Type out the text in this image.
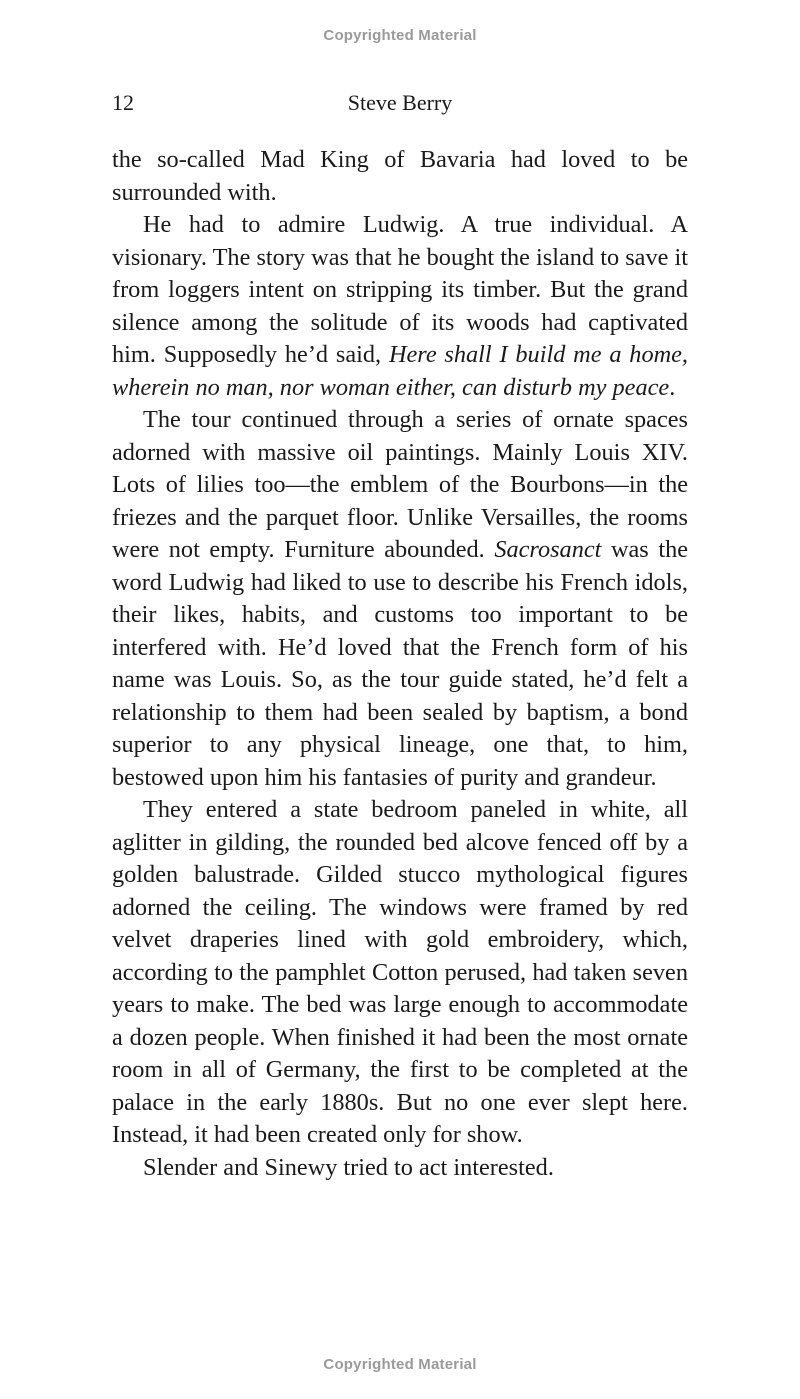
Copyrighted Material
12	Steve Berry

the so-called Mad King of Bavaria had loved to be surrounded with.

He had to admire Ludwig. A true individual. A visionary. The story was that he bought the island to save it from loggers intent on stripping its timber. But the grand silence among the solitude of its woods had captivated him. Supposedly he’d said, Here shall I build me a home, wherein no man, nor woman either, can disturb my peace.

The tour continued through a series of ornate spaces adorned with massive oil paintings. Mainly Louis XIV. Lots of lilies too—the emblem of the Bourbons—in the friezes and the parquet floor. Unlike Versailles, the rooms were not empty. Furniture abounded. Sacrosanct was the word Ludwig had liked to use to describe his French idols, their likes, habits, and customs too important to be interfered with. He’d loved that the French form of his name was Louis. So, as the tour guide stated, he’d felt a relationship to them had been sealed by baptism, a bond superior to any physical lineage, one that, to him, bestowed upon him his fantasies of purity and grandeur.

They entered a state bedroom paneled in white, all aglitter in gilding, the rounded bed alcove fenced off by a golden balustrade. Gilded stucco mythological figures adorned the ceiling. The windows were framed by red velvet draperies lined with gold embroidery, which, according to the pamphlet Cotton perused, had taken seven years to make. The bed was large enough to accommodate a dozen people. When finished it had been the most ornate room in all of Germany, the first to be completed at the palace in the early 1880s. But no one ever slept here. Instead, it had been created only for show.

Slender and Sinewy tried to act interested.

Copyrighted Material
